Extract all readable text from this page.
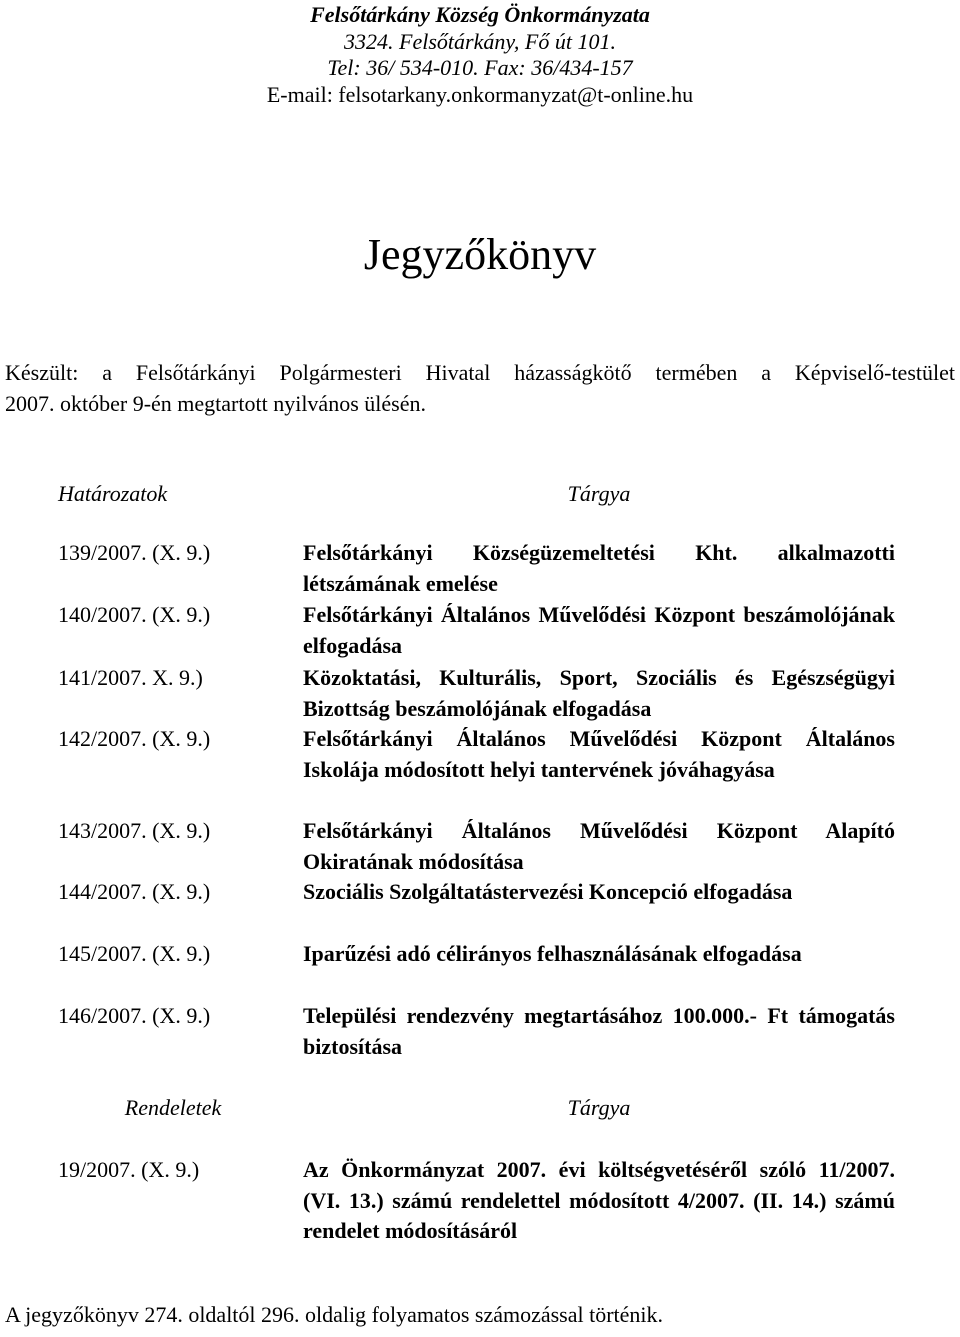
Felsőtárkány Község Önkormányzata
3324. Felsőtárkány, Fő út 101.
Tel: 36/ 534-010. Fax: 36/434-157
E-mail: felsotarkany.onkormanyzat@t-online.hu
Jegyzőkönyv
Készült: a Felsőtárkányi Polgármesteri Hivatal házasságkötő termében a Képviselő-testület
2007. október 9-én megtartott nyilvános ülésén.
Határozatok	Tárgya
139/2007. (X. 9.)	Felsőtárkányi Községüzemeltetési Kht. alkalmazotti létszámának emelése
140/2007. (X. 9.)	Felsőtárkányi Általános Művelődési Központ beszámolójának elfogadása
141/2007. X. 9.)	Közoktatási, Kulturális, Sport, Szociális és Egészségügyi Bizottság beszámolójának elfogadása
142/2007. (X. 9.)	Felsőtárkányi Általános Művelődési Központ Általános Iskolája módosított helyi tantervének jóváhagyása
143/2007. (X. 9.)	Felsőtárkányi Általános Művelődési Központ Alapító Okiratának módosítása
144/2007. (X. 9.)	Szociális Szolgáltatástervezési Koncepció elfogadása
145/2007. (X. 9.)	Iparűzési adó célirányos felhasználásának elfogadása
146/2007. (X. 9.)	Települési rendezvény megtartásához 100.000.- Ft támogatás biztosítása
Rendeletek	Tárgya
19/2007. (X. 9.)	Az Önkormányzat 2007. évi költségvetéséről szóló 11/2007. (VI. 13.) számú rendelettel módosított 4/2007. (II. 14.) számú rendelet módosításáról
A jegyzőkönyv 274. oldaltól 296. oldalig folyamatos számozással történik.
